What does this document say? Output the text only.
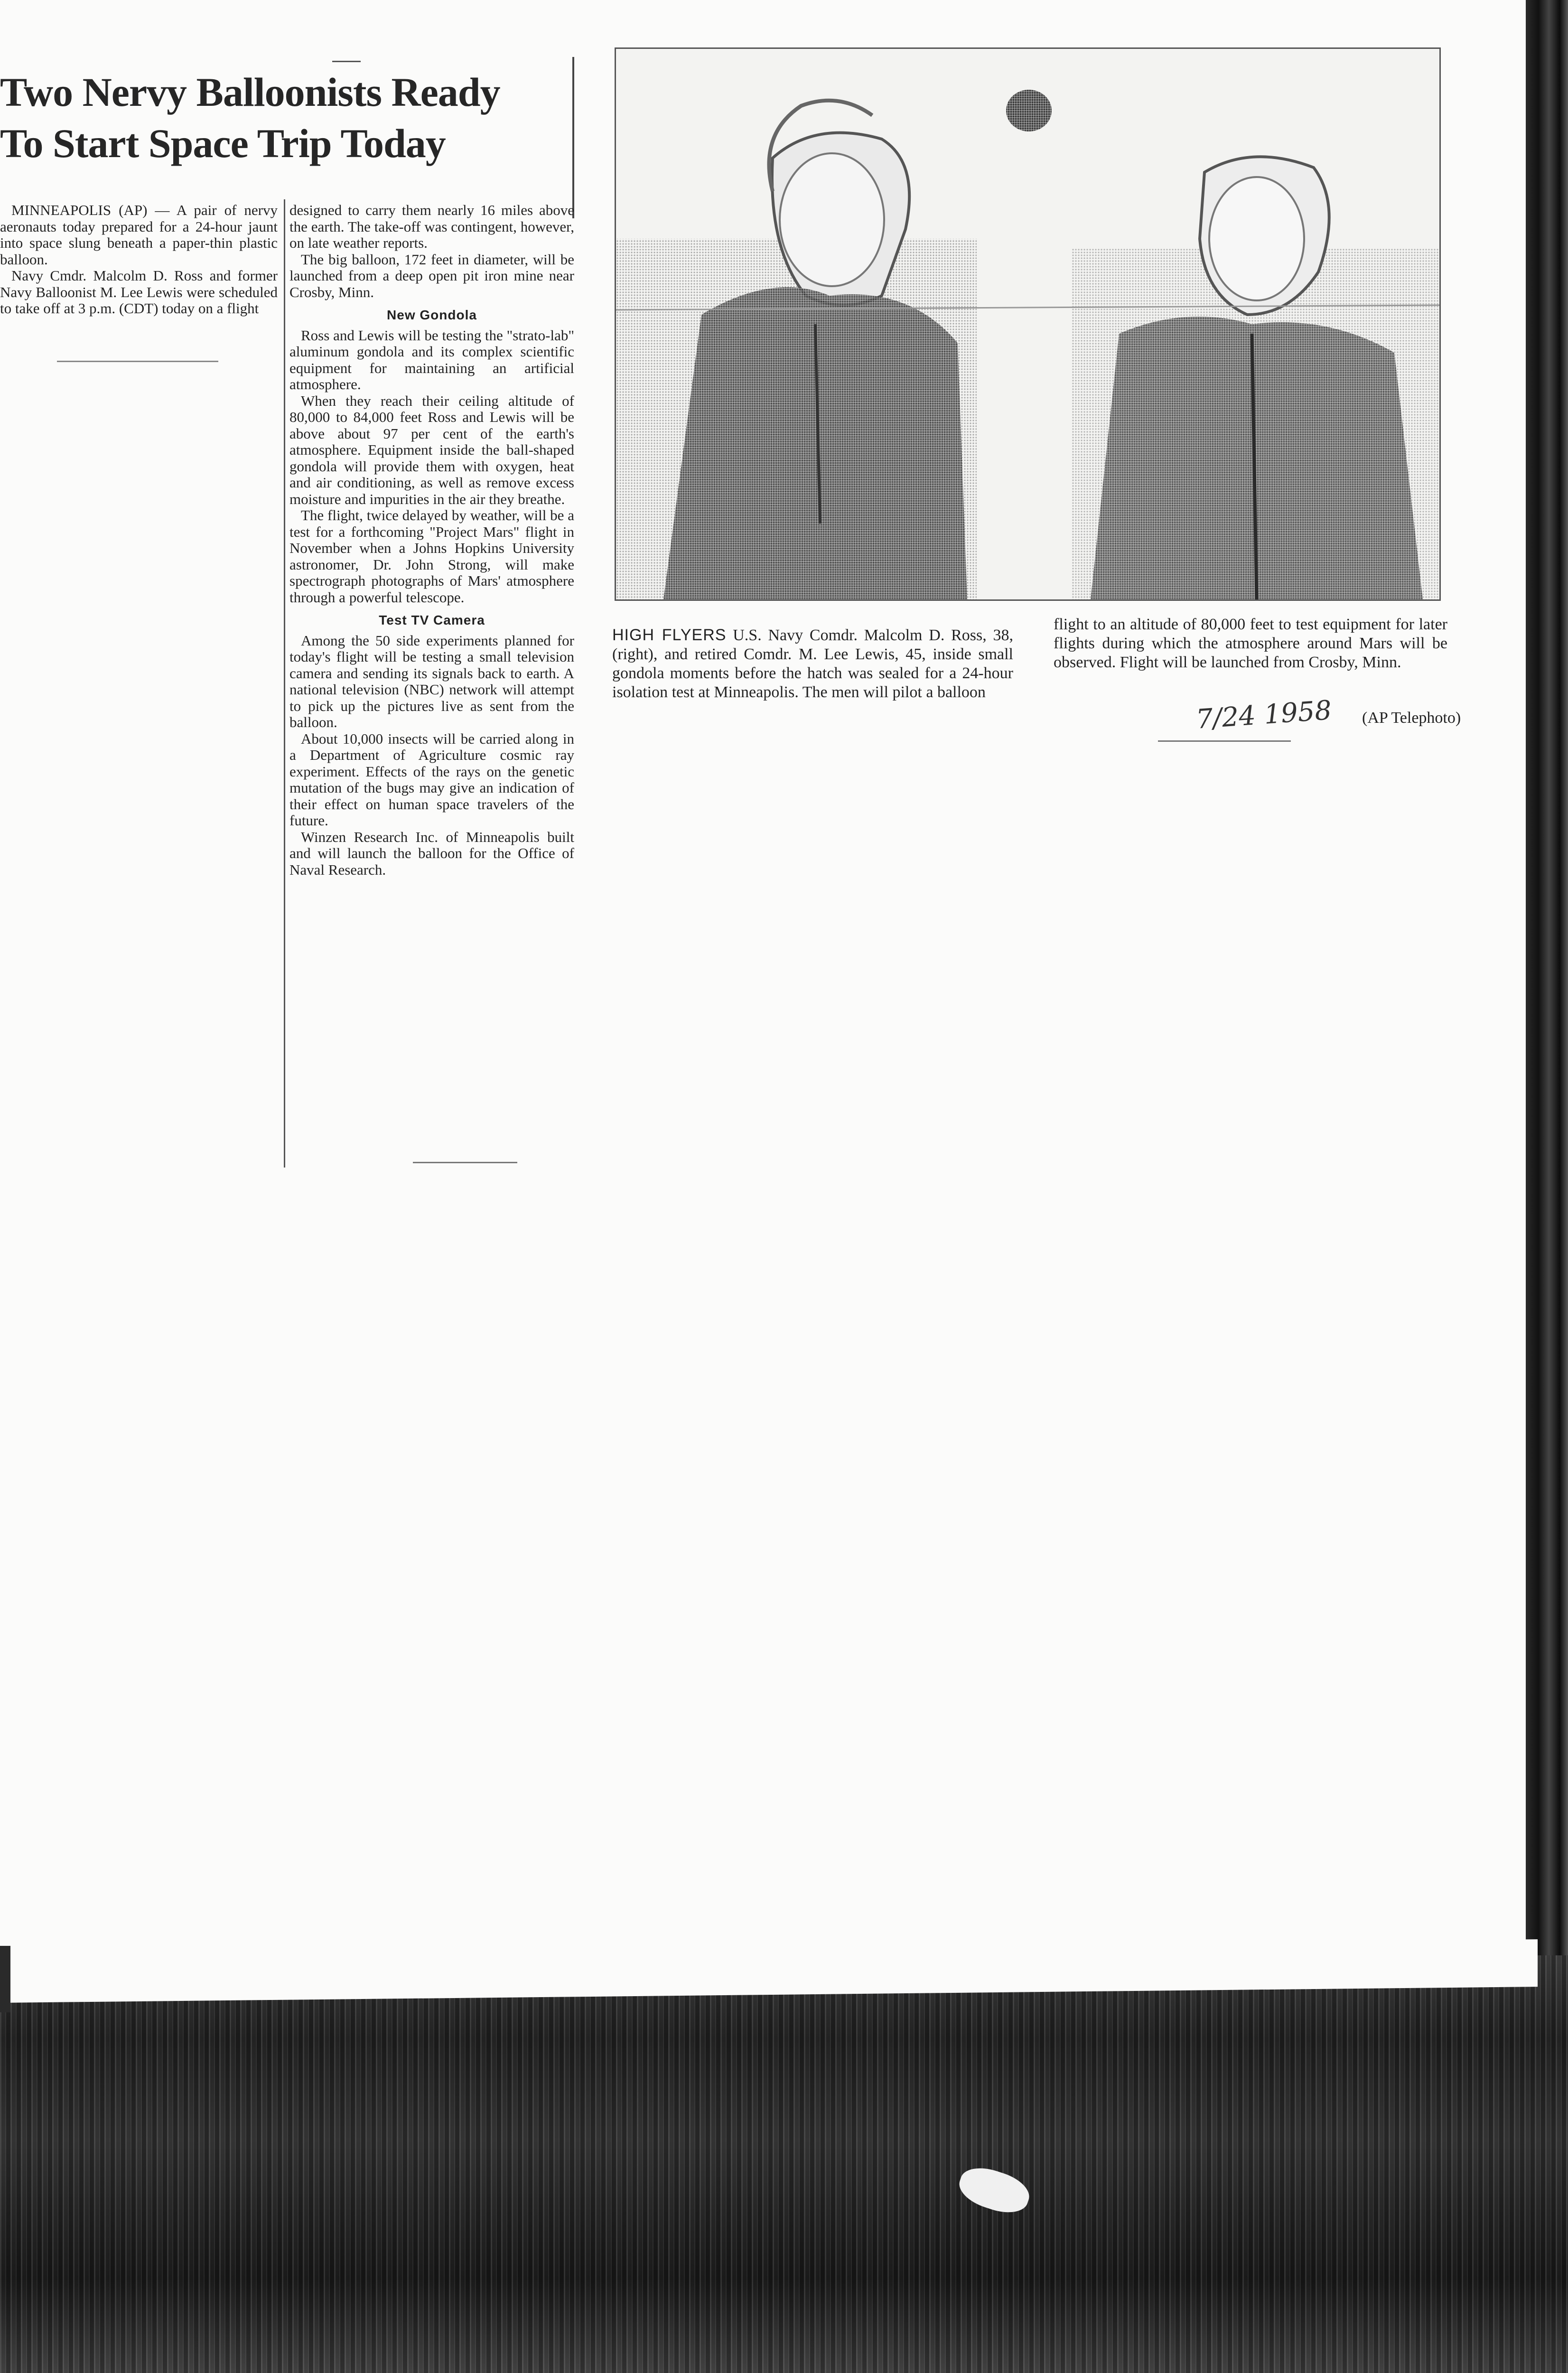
Two Nervy Balloonists Ready
To Start Space Trip Today

MINNEAPOLIS (AP) — A pair of nervy aeronauts today prepared for a 24-hour jaunt into space slung beneath a paper-thin plastic balloon.

Navy Cmdr. Malcolm D. Ross and former Navy Balloonist M. Lee Lewis were scheduled to take off at 3 p.m. (CDT) today on a flight

designed to carry them nearly 16 miles above the earth. The take-off was contingent, however, on late weather reports.

The big balloon, 172 feet in diameter, will be launched from a deep open pit iron mine near Crosby, Minn.

New Gondola

Ross and Lewis will be testing the "strato-lab" aluminum gondola and its complex scientific equipment for maintaining an artificial atmosphere.

When they reach their ceiling altitude of 80,000 to 84,000 feet Ross and Lewis will be above about 97 per cent of the earth's atmosphere. Equipment inside the ball-shaped gondola will provide them with oxygen, heat and air conditioning, as well as remove excess moisture and impurities in the air they breathe.

The flight, twice delayed by weather, will be a test for a forthcoming "Project Mars" flight in November when a Johns Hopkins University astronomer, Dr. John Strong, will make spectrograph photographs of Mars' atmosphere through a powerful telescope.

Test TV Camera

Among the 50 side experiments planned for today's flight will be testing a small television camera and sending its signals back to earth. A national television (NBC) network will attempt to pick up the pictures live as sent from the balloon.

About 10,000 insects will be carried along in a Department of Agriculture cosmic ray experiment. Effects of the rays on the genetic mutation of the bugs may give an indication of their effect on human space travelers of the future.

Winzen Research Inc. of Minneapolis built and will launch the balloon for the Office of Naval Research.

HIGH FLYERS U.S. Navy Comdr. Malcolm D. Ross, 38, (right), and retired Comdr. M. Lee Lewis, 45, inside small gondola moments before the hatch was sealed for a 24-hour isolation test at Minneapolis. The men will pilot a balloon
flight to an altitude of 80,000 feet to test equipment for later flights during which the atmosphere around Mars will be observed. Flight will be launched from Crosby, Minn.
7/24 1958 (AP Telephoto)
